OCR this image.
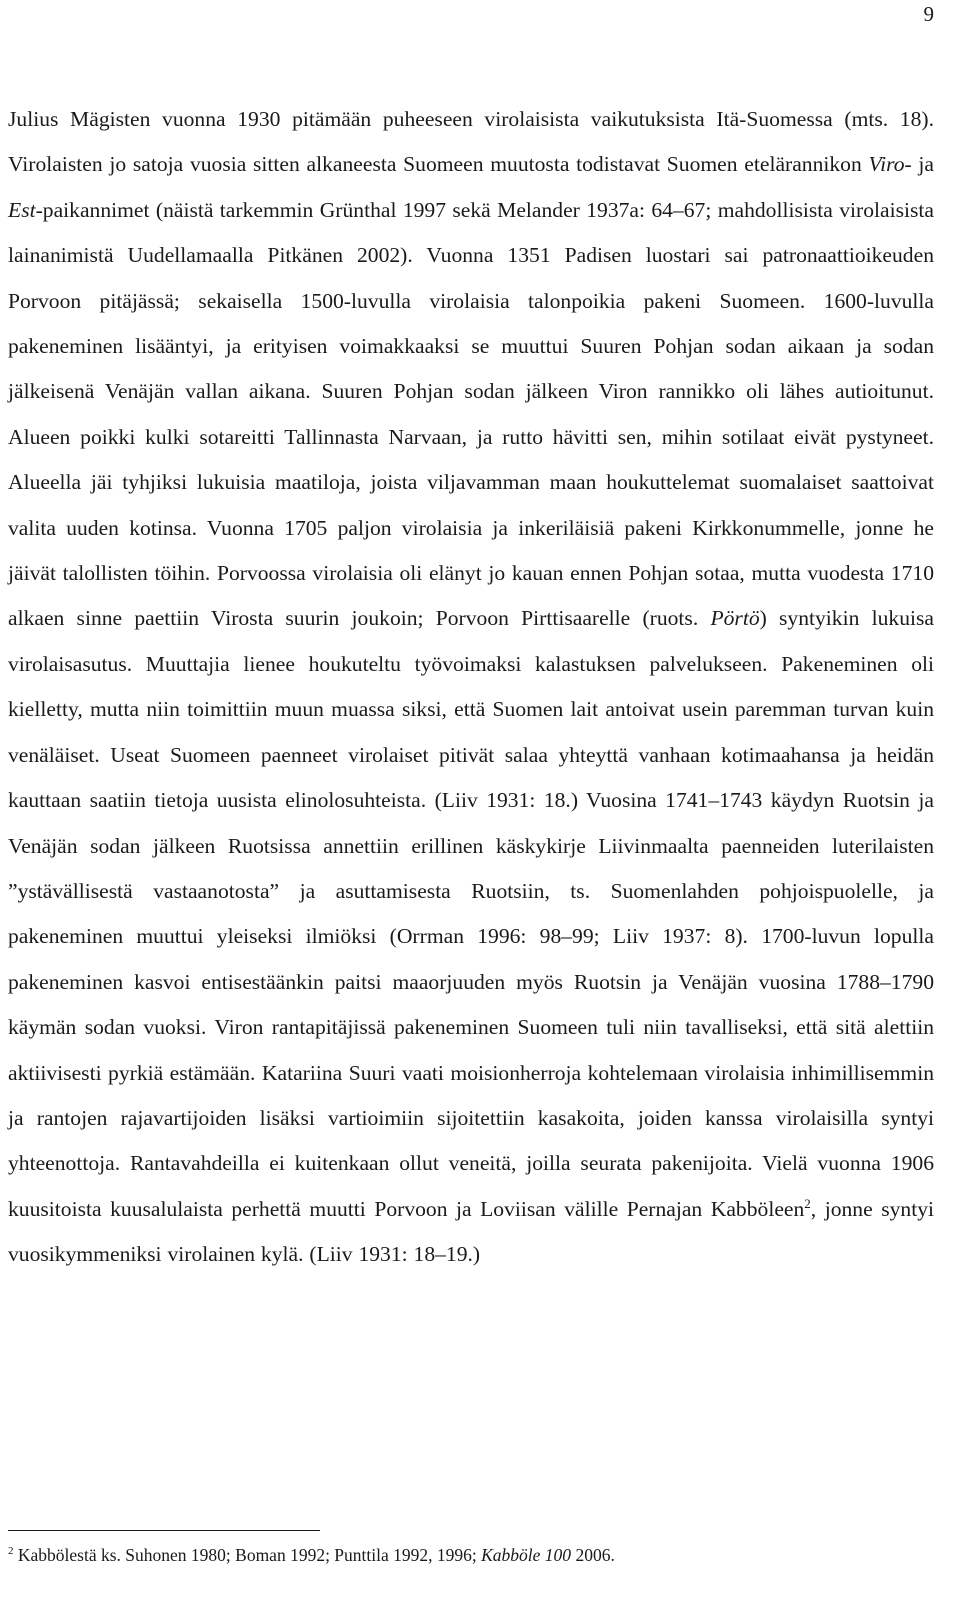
9

Julius Mägisten vuonna 1930 pitämään puheeseen virolaisista vaikutuksista Itä-Suomessa (mts. 18). Virolaisten jo satoja vuosia sitten alkaneesta Suomeen muutosta todistavat Suomen etelärannikon Viro- ja Est-paikannimet (näistä tarkemmin Grünthal 1997 sekä Melander 1937a: 64–67; mahdollisista virolaisista lainanimistä Uudellamaalla Pitkänen 2002). Vuonna 1351 Padisen luostari sai patronaattioikeuden Porvoon pitäjässä; sekaisella 1500-luvulla virolaisia talonpoikia pakeni Suomeen. 1600-luvulla pakeneminen lisääntyi, ja erityisen voimakkaaksi se muuttui Suuren Pohjan sodan aikaan ja sodan jälkeisenä Venäjän vallan aikana. Suuren Pohjan sodan jälkeen Viron rannikko oli lähes autioitunut. Alueen poikki kulki sotareitti Tallinnasta Narvaan, ja rutto hävitti sen, mihin sotilaat eivät pystyneet. Alueella jäi tyhjiksi lukuisia maatiloja, joista viljavamman maan houkuttelemat suomalaiset saattoivat valita uuden kotinsa. Vuonna 1705 paljon virolaisia ja inkeriläisiä pakeni Kirkkonummelle, jonne he jäivät talollisten töihin. Porvoossa virolaisia oli elänyt jo kauan ennen Pohjan sotaa, mutta vuodesta 1710 alkaen sinne paettiin Virosta suurin joukoin; Porvoon Pirttisaarelle (ruots. Pörtö) syntyikin lukuisa virolaisasutus. Muuttajia lienee houkuteltu työvoimaksi kalastuksen palvelukseen. Pakeneminen oli kielletty, mutta niin toimittiin muun muassa siksi, että Suomen lait antoivat usein paremman turvan kuin venäläiset. Useat Suomeen paenneet virolaiset pitivät salaa yhteyttä vanhaan kotimaahansa ja heidän kauttaan saatiin tietoja uusista elinolosuhteista. (Liiv 1931: 18.) Vuosina 1741–1743 käydyn Ruotsin ja Venäjän sodan jälkeen Ruotsissa annettiin erillinen käskykirje Liivinmaalta paenneiden luterilaisten ”ystävällisestä vastaanotosta” ja asuttamisesta Ruotsiin, ts. Suomenlahden pohjoispuolelle, ja pakeneminen muuttui yleiseksi ilmiöksi (Orrman 1996: 98–99; Liiv 1937: 8). 1700-luvun lopulla pakeneminen kasvoi entisestäänkin paitsi maaorjuuden myös Ruotsin ja Venäjän vuosina 1788–1790 käymän sodan vuoksi. Viron rantapitäjissä pakeneminen Suomeen tuli niin tavalliseksi, että sitä alettiin aktiivisesti pyrkiä estämään. Katariina Suuri vaati moisionherroja kohtelemaan virolaisia inhimillisemmin ja rantojen rajavartijoiden lisäksi vartioimiin sijoitettiin kasakoita, joiden kanssa virolaisilla syntyi yhteenottoja. Rantavahdeilla ei kuitenkaan ollut veneitä, joilla seurata pakenijoita. Vielä vuonna 1906 kuusitoista kuusalulaista perhettä muutti Porvoon ja Loviisan välille Pernajan Kabböleen$^2$, jonne syntyi vuosikymmeniksi virolainen kylä. (Liiv 1931: 18–19.)

$^2$ Kabbölestä ks. Suhonen 1980; Boman 1992; Punttila 1992, 1996; Kabböle 100 2006.
